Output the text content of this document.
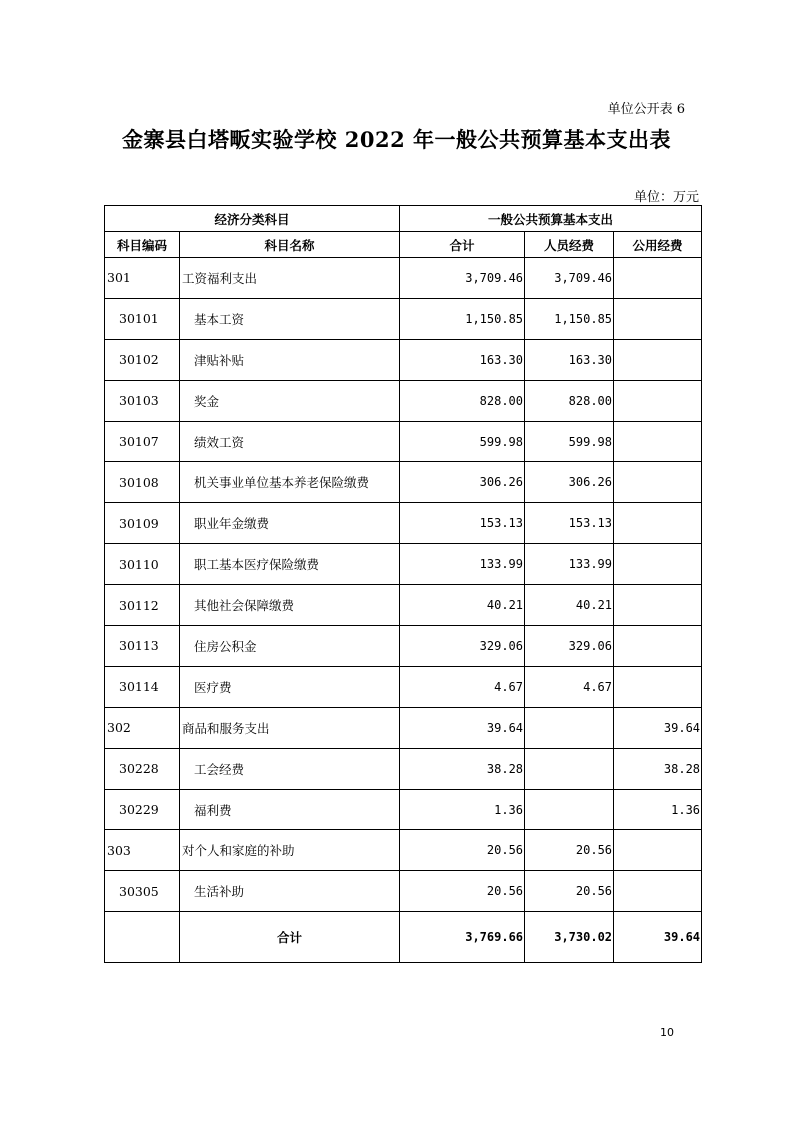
单位公开表 6
金寨县白塔畈实验学校 2022 年一般公共预算基本支出表
单位：万元
经济分类科目		一般公共预算基本支出		
科目编码	科目名称	合计	人员经费	公用经费
301	工资福利支出	3,709.46	3,709.46	
30101	基本工资	1,150.85	1,150.85	
30102	津贴补贴	163.30	163.30	
30103	奖金	828.00	828.00	
30107	绩效工资	599.98	599.98	
30108	机关事业单位基本养老保险缴费	306.26	306.26	
30109	职业年金缴费	153.13	153.13	
30110	职工基本医疗保险缴费	133.99	133.99	
30112	其他社会保障缴费	40.21	40.21	
30113	住房公积金	329.06	329.06	
30114	医疗费	4.67	4.67	
302	商品和服务支出	39.64		39.64
30228	工会经费	38.28		38.28
30229	福利费	1.36		1.36
303	对个人和家庭的补助	20.56	20.56	
30305	生活补助	20.56	20.56	
	合计	3,769.66	3,730.02	39.64
10
